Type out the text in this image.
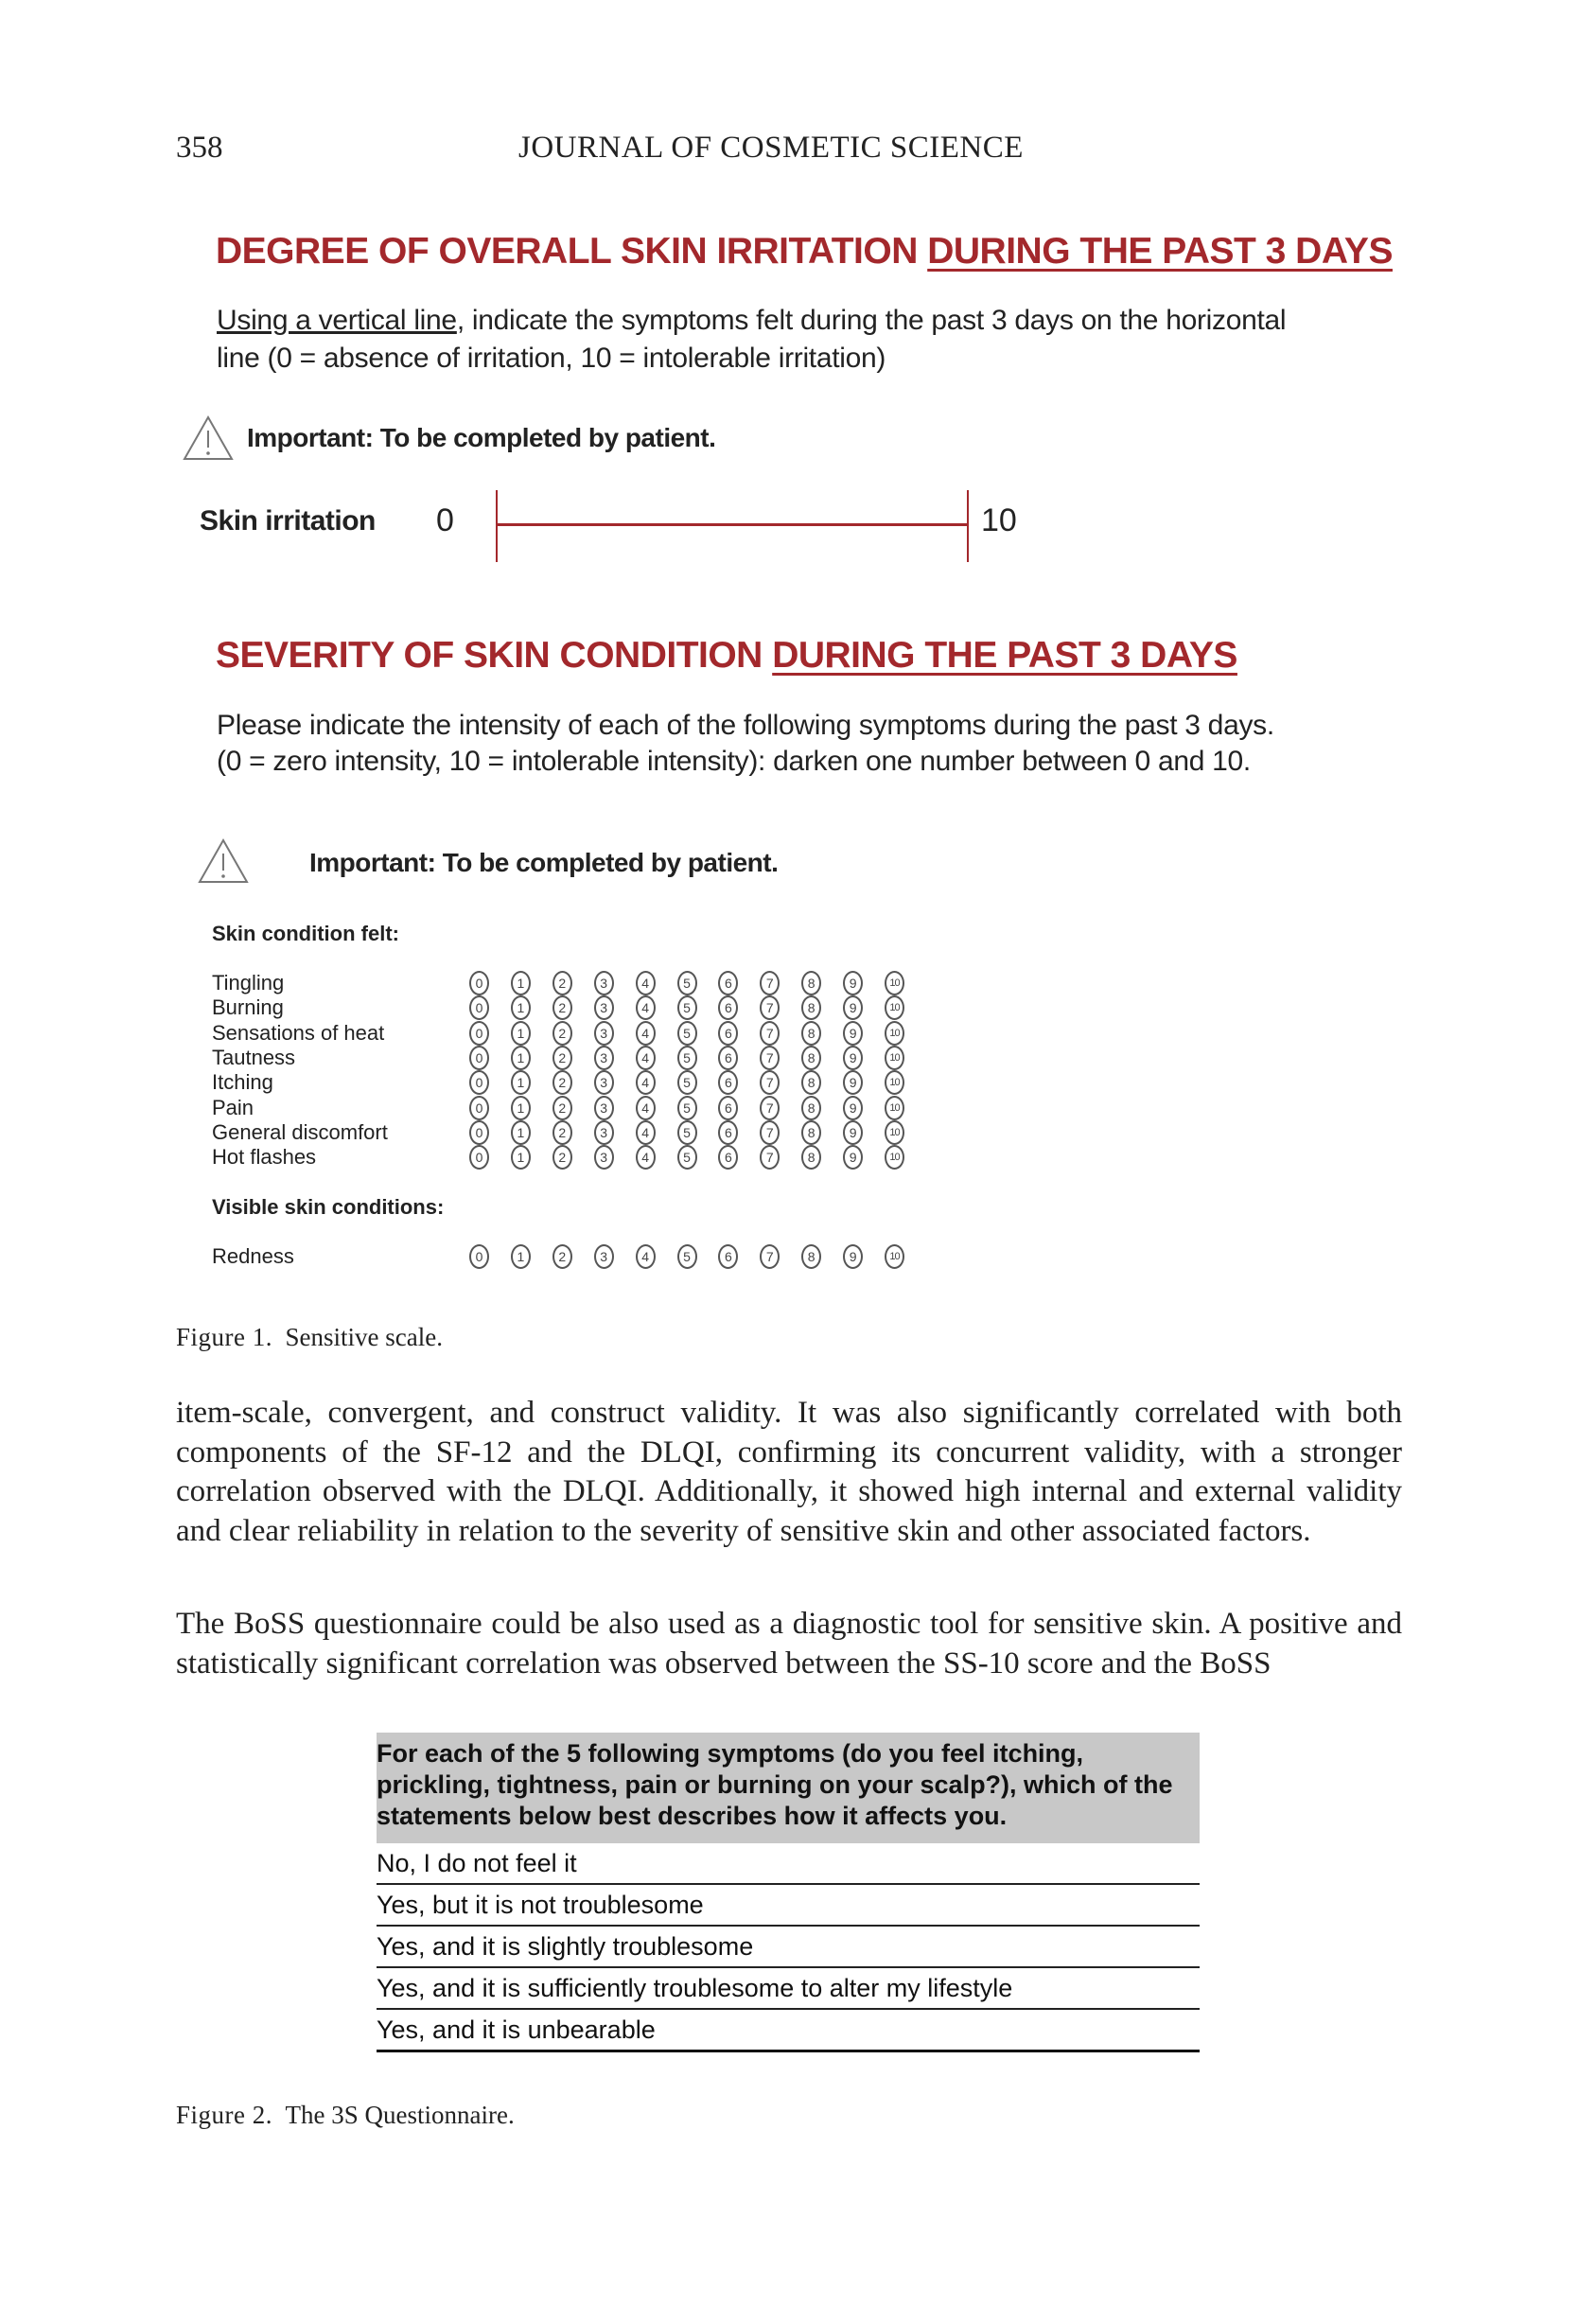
358	JOURNAL OF COSMETIC SCIENCE
DEGREE OF OVERALL SKIN IRRITATION DURING THE PAST 3 DAYS
Using a vertical line, indicate the symptoms felt during the past 3 days on the horizontal
line (0 = absence of irritation, 10 = intolerable irritation)
Important: To be completed by patient.
Skin irritation 0	10
SEVERITY OF SKIN CONDITION DURING THE PAST 3 DAYS
Please indicate the intensity of each of the following symptoms during the past 3 days.
(0 = zero intensity, 10 = intolerable intensity): darken one number between 0 and 10.
Important: To be completed by patient.
Skin condition felt:
Tingling	0	1	2	3	4	5	6	7	8	9	10
Burning	0	1	2	3	4	5	6	7	8	9	10
Sensations of heat	0	1	2	3	4	5	6	7	8	9	10
Tautness	0	1	2	3	4	5	6	7	8	9	10
Itching	0	1	2	3	4	5	6	7	8	9	10
Pain	0	1	2	3	4	5	6	7	8	9	10
General discomfort	0	1	2	3	4	5	6	7	8	9	10
Hot flashes	0	1	2	3	4	5	6	7	8	9	10
Visible skin conditions:
Redness	0	1	2	3	4	5	6	7	8	9	10
Figure 1. Sensitive scale.
item-scale, convergent, and construct validity. It was also significantly correlated with both components of the SF-12 and the DLQI, confirming its concurrent validity, with a stronger correlation observed with the DLQI. Additionally, it showed high internal and external validity and clear reliability in relation to the severity of sensitive skin and other associated factors.
The BoSS questionnaire could be also used as a diagnostic tool for sensitive skin. A positive and statistically significant correlation was observed between the SS-10 score and the BoSS
For each of the 5 following symptoms (do you feel itching, prickling, tightness, pain or burning on your scalp?), which of the statements below best describes how it affects you.
No, I do not feel it
Yes, but it is not troublesome
Yes, and it is slightly troublesome
Yes, and it is sufficiently troublesome to alter my lifestyle
Yes, and it is unbearable
Figure 2. The 3S Questionnaire.
